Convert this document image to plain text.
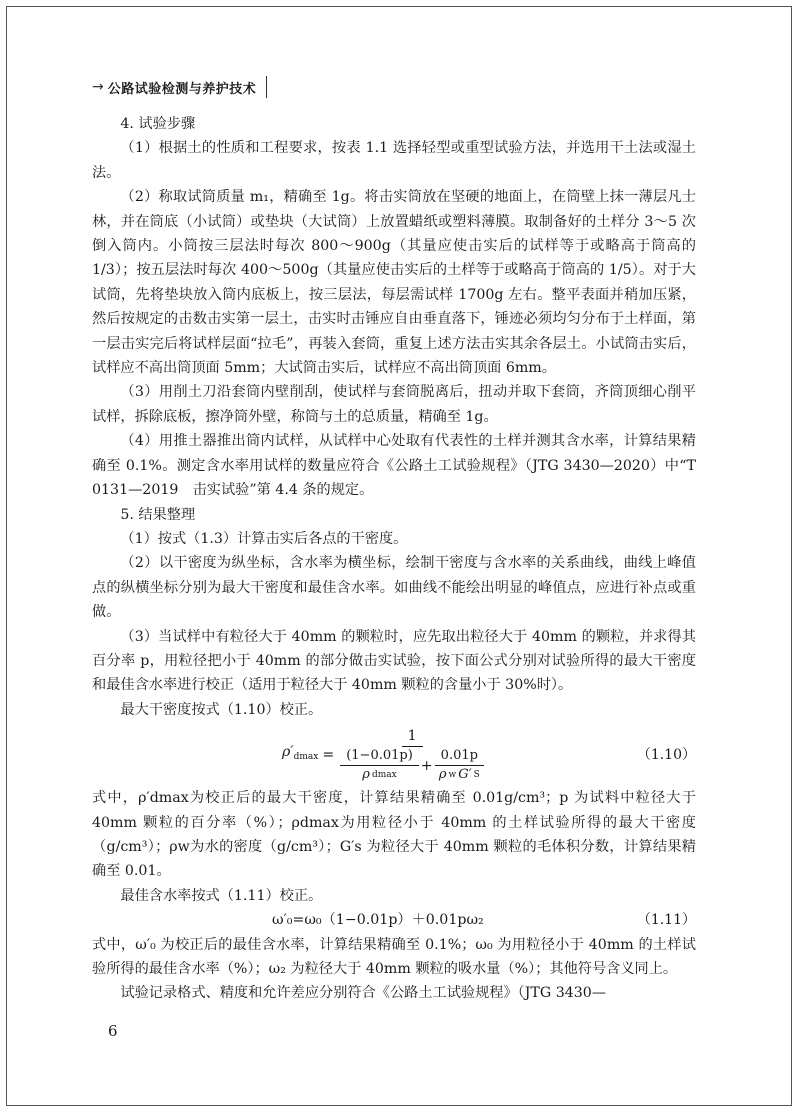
→ 公路试验检测与养护技术

4. 试验步骤

（1）根据土的性质和工程要求，按表 1.1 选择轻型或重型试验方法，并选用干土法或湿土法。

（2）称取试筒质量 m₁，精确至 1g。将击实筒放在坚硬的地面上，在筒壁上抹一薄层凡士林，并在筒底（小试筒）或垫块（大试筒）上放置蜡纸或塑料薄膜。取制备好的土样分 3～5 次倒入筒内。小筒按三层法时每次 800～900g（其量应使击实后的试样等于或略高于筒高的 1/3）；按五层法时每次 400～500g（其量应使击实后的土样等于或略高于筒高的 1/5）。对于大试筒，先将垫块放入筒内底板上，按三层法，每层需试样 1700g 左右。整平表面并稍加压紧，然后按规定的击数击实第一层土，击实时击锤应自由垂直落下，锤迹必须均匀分布于土样面，第一层击实完后将试样层面“拉毛”，再装入套筒，重复上述方法击实其余各层土。小试筒击实后，试样应不高出筒顶面 5mm；大试筒击实后，试样应不高出筒顶面 6mm。

（3）用削土刀沿套筒内壁削刮，使试样与套筒脱离后，扭动并取下套筒，齐筒顶细心削平试样，拆除底板，擦净筒外壁，称筒与土的总质量，精确至 1g。

（4）用推土器推出筒内试样，从试样中心处取有代表性的土样并测其含水率，计算结果精确至 0.1%。测定含水率用试样的数量应符合《公路土工试验规程》（JTG 3430—2020）中“T 0131—2019　击实试验”第 4.4 条的规定。

5. 结果整理

（1）按式（1.3）计算击实后各点的干密度。

（2）以干密度为纵坐标，含水率为横坐标，绘制干密度与含水率的关系曲线，曲线上峰值点的纵横坐标分别为最大干密度和最佳含水率。如曲线不能绘出明显的峰值点，应进行补点或重做。

（3）当试样中有粒径大于 40mm 的颗粒时，应先取出粒径大于 40mm 的颗粒，并求得其百分率 p，用粒径把小于 40mm 的部分做击实试验，按下面公式分别对试验所得的最大干密度和最佳含水率进行校正（适用于粒径大于 40mm 颗粒的含量小于 30%时）。

最大干密度按式（1.10）校正。

$\rho'_{dmax}$ =
1
$\frac{(1-0.01p)}{\text{ρ dmax}} + \frac{0.01p}{\text{ρ w G′ S}}$	（1.10）

式中，ρ′dmax为校正后的最大干密度，计算结果精确至 0.01g/cm³；p 为试料中粒径大于 40mm 颗粒的百分率（%）；ρdmax为用粒径小于 40mm 的土样试验所得的最大干密度（g/cm³）；ρw为水的密度（g/cm³）；G′s 为粒径大于 40mm 颗粒的毛体积分数，计算结果精确至 0.01。

最佳含水率按式（1.11）校正。

ω′₀=ω₀（1−0.01p）＋0.01pω₂	（1.11）

式中，ω′₀ 为校正后的最佳含水率，计算结果精确至 0.1%；ω₀ 为用粒径小于 40mm 的土样试验所得的最佳含水率（%）；ω₂ 为粒径大于 40mm 颗粒的吸水量（%）；其他符号含义同上。

试验记录格式、精度和允许差应分别符合《公路土工试验规程》（JTG 3430—

6
